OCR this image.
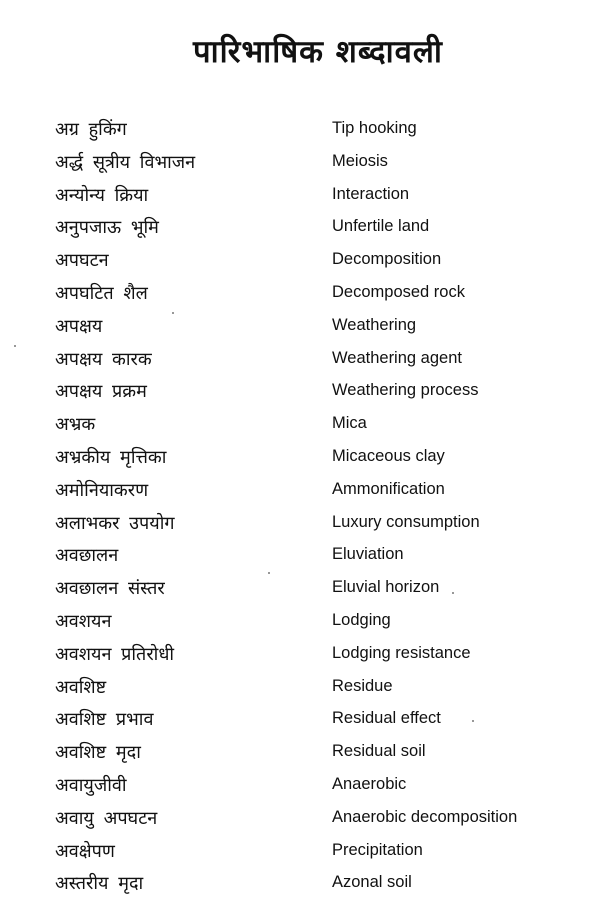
पारिभाषिक शब्दावली
अग्र हुकिंग	Tip hooking
अर्द्ध सूत्रीय विभाजन	Meiosis
अन्योन्य क्रिया	Interaction
अनुपजाऊ भूमि	Unfertile land
अपघटन	Decomposition
अपघटित शैल	Decomposed rock
अपक्षय	Weathering
अपक्षय कारक	Weathering agent
अपक्षय प्रक्रम	Weathering process
अभ्रक	Mica
अभ्रकीय मृत्तिका	Micaceous clay
अमोनियाकरण	Ammonification
अलाभकर उपयोग	Luxury consumption
अवछालन	Eluviation
अवछालन संस्तर	Eluvial horizon
अवशयन	Lodging
अवशयन प्रतिरोधी	Lodging resistance
अवशिष्ट	Residue
अवशिष्ट प्रभाव	Residual effect
अवशिष्ट मृदा	Residual soil
अवायुजीवी	Anaerobic
अवायु अपघटन	Anaerobic decomposition
अवक्षेपण	Precipitation
अस्तरीय मृदा	Azonal soil
